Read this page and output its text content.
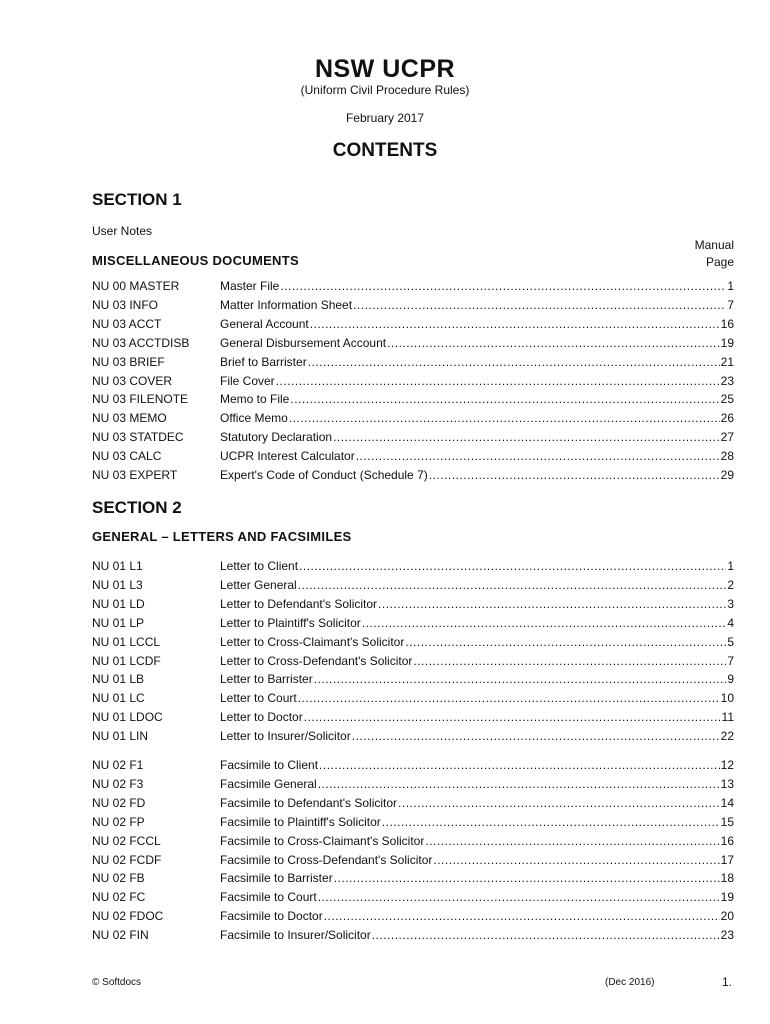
NSW UCPR
(Uniform Civil Procedure Rules)
February 2017
CONTENTS
SECTION 1
User Notes
Manual
Page
MISCELLANEOUS DOCUMENTS
NU 00 MASTER	Master File .....	1
NU 03 INFO	Matter Information Sheet .....	7
NU 03 ACCT	General Account .....	16
NU 03 ACCTDISB	General Disbursement Account .....	19
NU 03 BRIEF	Brief to Barrister .....	21
NU 03 COVER	File Cover .....	23
NU 03 FILENOTE	Memo to File .....	25
NU 03 MEMO	Office Memo .....	26
NU 03 STATDEC	Statutory Declaration .....	27
NU 03 CALC	UCPR Interest Calculator .....	28
NU 03 EXPERT	Expert's Code of Conduct (Schedule 7) .....	29
SECTION 2
GENERAL – LETTERS AND FACSIMILES
NU 01 L1	Letter to Client .....	1
NU 01 L3	Letter General .....	2
NU 01 LD	Letter to Defendant's Solicitor .....	3
NU 01 LP	Letter to Plaintiff's Solicitor .....	4
NU 01 LCCL	Letter to Cross-Claimant's Solicitor .....	5
NU 01 LCDF	Letter to Cross-Defendant's Solicitor .....	7
NU 01 LB	Letter to Barrister .....	9
NU 01 LC	Letter to Court .....	10
NU 01 LDOC	Letter to Doctor .....	11
NU 01 LIN	Letter to Insurer/Solicitor .....	22
NU 02 F1	Facsimile to Client .....	12
NU 02 F3	Facsimile General .....	13
NU 02 FD	Facsimile to Defendant's Solicitor .....	14
NU 02 FP	Facsimile to Plaintiff's Solicitor .....	15
NU 02 FCCL	Facsimile to Cross-Claimant's Solicitor .....	16
NU 02 FCDF	Facsimile to Cross-Defendant's Solicitor .....	17
NU 02 FB	Facsimile to Barrister .....	18
NU 02 FC	Facsimile to Court .....	19
NU 02 FDOC	Facsimile to Doctor .....	20
NU 02 FIN	Facsimile to Insurer/Solicitor .....	23
© Softdocs	(Dec 2016)	1.
